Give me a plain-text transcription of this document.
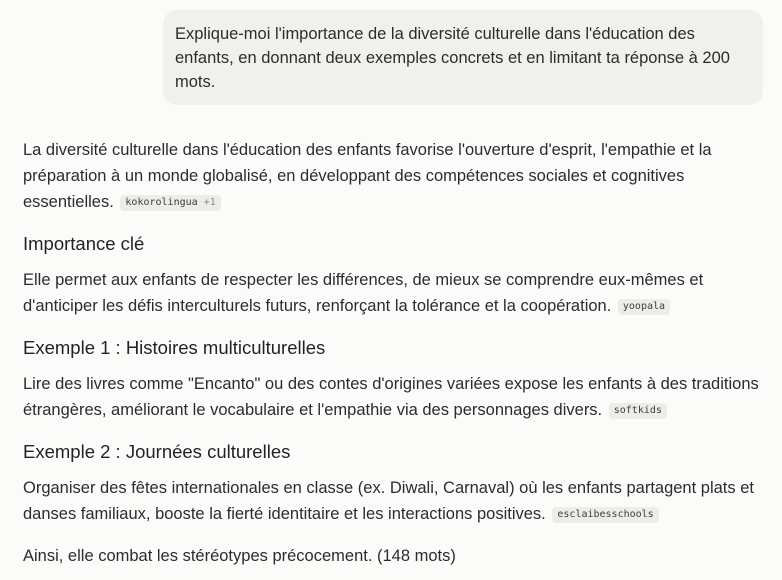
Explique-moi l'importance de la diversité culturelle dans l'éducation des enfants, en donnant deux exemples concrets et en limitant ta réponse à 200 mots.

La diversité culturelle dans l'éducation des enfants favorise l'ouverture d'esprit, l'empathie et la préparation à un monde globalisé, en développant des compétences sociales et cognitives essentielles. kokorolingua +1

Importance clé

Elle permet aux enfants de respecter les différences, de mieux se comprendre eux-mêmes et d'anticiper les défis interculturels futurs, renforçant la tolérance et la coopération. yoopala

Exemple 1 : Histoires multiculturelles

Lire des livres comme "Encanto" ou des contes d'origines variées expose les enfants à des traditions étrangères, améliorant le vocabulaire et l'empathie via des personnages divers. softkids

Exemple 2 : Journées culturelles

Organiser des fêtes internationales en classe (ex. Diwali, Carnaval) où les enfants partagent plats et danses familiaux, booste la fierté identitaire et les interactions positives. esclaibesschools

Ainsi, elle combat les stéréotypes précocement. (148 mots)
